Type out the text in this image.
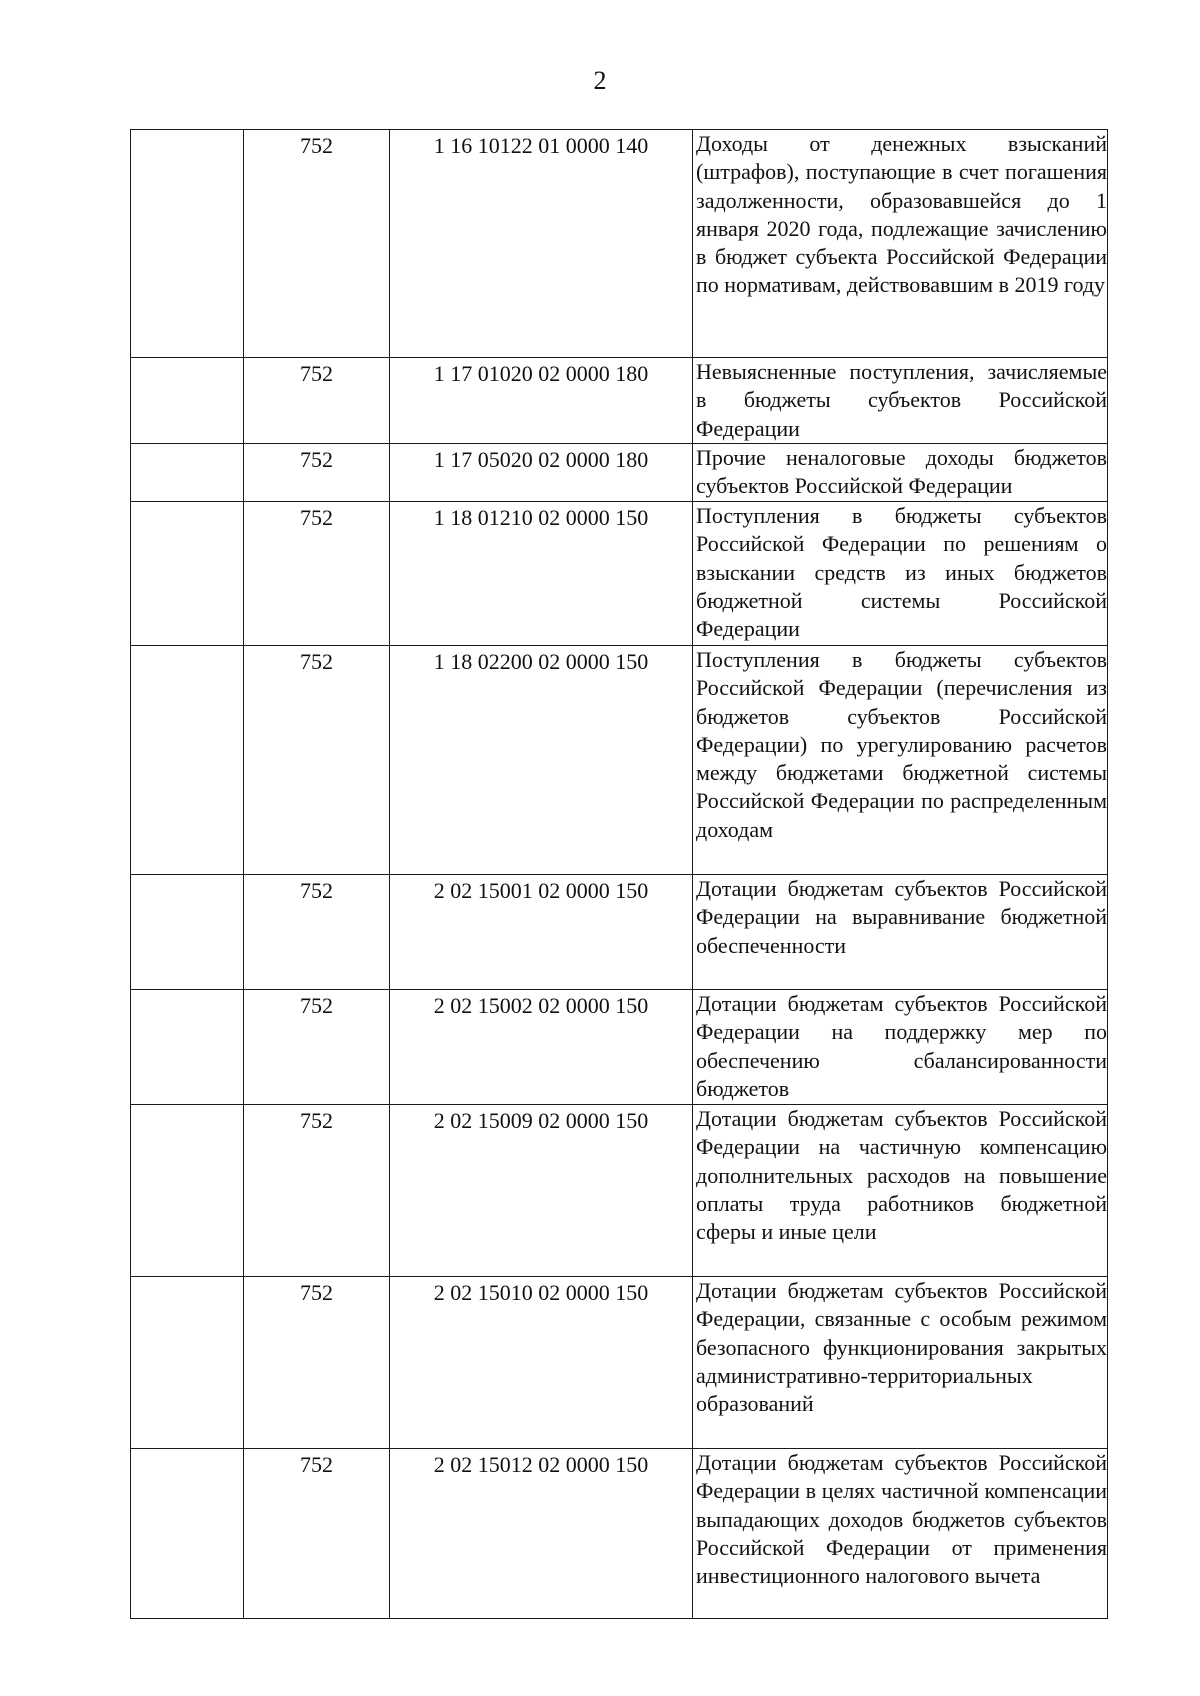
2
	752	1 16 10122 01 0000 140	Доходы от денежных взысканий (штрафов), поступающие в счет погашения задолженности, образовавшейся до 1 января 2020 года, подлежащие зачислению в бюджет субъекта Российской Федерации по нормативам, действовавшим в 2019 году

	752	1 17 01020 02 0000 180	Невыясненные поступления, зачисляемые в бюджеты субъектов Российской Федерации

	752	1 17 05020 02 0000 180	Прочие неналоговые доходы бюджетов субъектов Российской Федерации

	752	1 18 01210 02 0000 150	Поступления в бюджеты субъектов Российской Федерации по решениям о взыскании средств из иных бюджетов бюджетной системы Российской Федерации

	752	1 18 02200 02 0000 150	Поступления в бюджеты субъектов Российской Федерации (перечисления из бюджетов субъектов Российской Федерации) по урегулированию расчетов между бюджетами бюджетной системы Российской Федерации по распределенным доходам

	752	2 02 15001 02 0000 150	Дотации бюджетам субъектов Российской Федерации на выравнивание бюджетной обеспеченности

	752	2 02 15002 02 0000 150	Дотации бюджетам субъектов Российской Федерации на поддержку мер по обеспечению сбалансированности бюджетов

	752	2 02 15009 02 0000 150	Дотации бюджетам субъектов Российской Федерации на частичную компенсацию дополнительных расходов на повышение оплаты труда работников бюджетной сферы и иные цели

	752	2 02 15010 02 0000 150	Дотации бюджетам субъектов Российской Федерации, связанные с особым режимом безопасного функционирования закрытых административно-территориальных образований

	752	2 02 15012 02 0000 150	Дотации бюджетам субъектов Российской Федерации в целях частичной компенсации выпадающих доходов бюджетов субъектов Российской Федерации от применения инвестиционного налогового вычета
